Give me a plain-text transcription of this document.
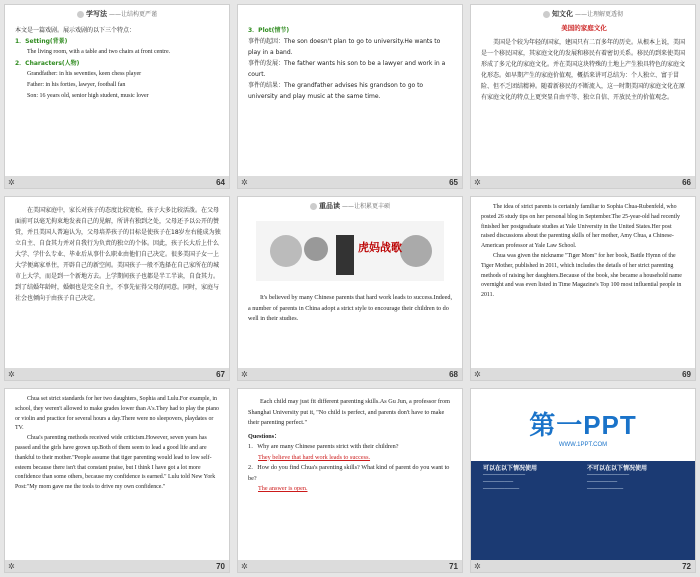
学写法 ——让结构更严谨
本文是一篇戏剧。展示戏剧的以下三个特点：
1．Setting(背景)
The living room, with a table and two chairs at front centre.
2．Characters(人物)
Grandfather: in his seventies, keen chess player
Father: in his forties, lawyer, football fan
Son: 16 years old, senior high student, music lover
✲	64
3．Plot(情节)
事件的起因：The son doesn't plan to go to university.He wants to play in a band.
事件的发展：The father wants his son to be a lawyer and work in a court.
事件的结果：The grandfather advises his grandson to go to university and play music at the same time.
✲	65
知文化 ——让理解更透彻
美国的家庭文化
美国是个较为年轻的国家，建国只有二百多年的历史。从根本上说，美国是一个移民国家，其家庭文化的发展和移民有着密切关系。移民的到来使美国形成了多元化的家庭文化。并在美国这块特殊的土地上产生独具特色的家庭文化形态。如早期产生的家庭价值观，概括来讲可总结为：个人独立、富于冒险、但不乏团结精神。随着新移民的不断流入，这一时期美国的家庭文化在原有家庭文化的特点上更突显自由平等、独立自信、开放民主的价值观念。
✲	66
在美国家庭中，家长对孩子的态度比较宽松，孩子大多比较活泼。在父母面前可以毫无拘束地发表自己的见解，所讲有独到之处，父母还予以公开的赞赏，并且美国人普遍认为，父母培养孩子的目标是使孩子在18岁左右能成为独立自主、自食其力并对自我行为负责的独立的个体。因此，孩子长大后上什么大学、学什么专业、毕业后从事什么职业由他们自己决定。很多美国子女一上大学便离家单住，开辟自己的新空间。美国孩子一般不选择在自己家所在的城市上大学，而是到一个新地方去。上学期间孩子也都是半工半读，自食其力。到了结婚年龄时，婚姻也是完全自主，不事先征得父母的同意。同时，家庭与社会也倾向于由孩子自己决定。
✲	67
重品读 ——让积累更丰硕
虎妈战歌
It's believed by many Chinese parents that hard work leads to success.Indeed, a number of parents in China adopt a strict style to encourage their children to do well in their studies.
✲	68
The idea of strict parents is certainly familiar to Sophia Chua-Rubenfeld, who posted 26 study tips on her personal blog in September.The 25-year-old had recently finished her postgraduate studies at Yale University in the United States.Her post raised discussions about the parenting skills of her mother, Amy Chua, a Chinese-American professor at Yale Law School.
Chua was given the nickname "Tiger Mom" for her book, Battle Hymn of the Tiger Mother, published in 2011, which includes the details of her strict parenting methods of raising her daughters.Because of the book, she became a household name overnight and was even listed in Time Magazine's Top 100 most influential people in 2011.
✲	69
Chua set strict standards for her two daughters, Sophia and Lulu.For example, in school, they weren't allowed to make grades lower than A's.They had to play the piano or violin and practice for several hours a day.There were no sleepovers, playdates or TV.
Chua's parenting methods received wide criticism.However, seven years has passed and the girls have grown up.Both of them seem to lead a good life and are thankful to their mother."People assume that tiger parenting would lead to low self-esteem because there isn't that constant praise, but I think I have got a lot more confidence than some others, because my confidence is earned." Lulu told New York Post:"My mom gave me the tools to drive my own confidence."
✲	70
Each child may just fit different parenting skills.As Gu Jun, a professor from Shanghai University put it, "No child is perfect, and parents don't have to make their parenting perfect."
Questions：
1．Why are many Chinese parents strict with their children?
They believe that hard work leads to success.
2．How do you find Chua's parenting skills? What kind of parent do you want to be?
The answer is open.
✲	71
第一PPT
WWW.1PPT.COM
可以在以下情况使用
──────────────
──────────
────────────
不可以在以下情况使用
──────────────
──────────
────────────
✲	72
